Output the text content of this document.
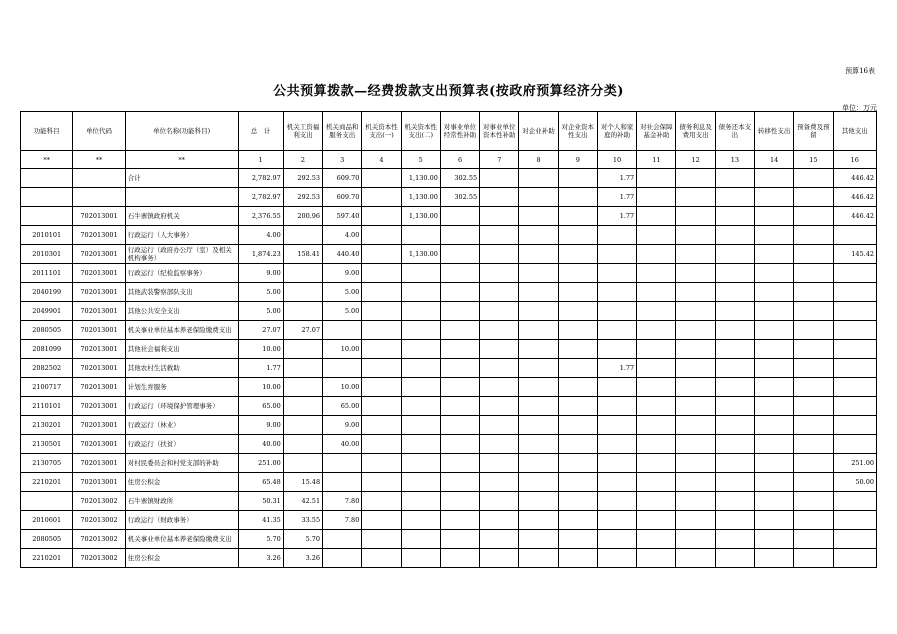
预算16表
公共预算拨款—经费拨款支出预算表(按政府预算经济分类)
单位：万元
功能科目	单位代码	单位名称(功能科目)	总　计	机关工资福利支出	机关商品和服务支出	机关资本性支出(一)	机关资本性支出(二)	对事业单位经常性补助	对事业单位资本性补助	对企业补助	对企业资本性支出	对个人和家庭的补助	对社会保障基金补助	债务利息及费用支出	债务还本支出	转移性支出	预备费及预留	其他支出
**	**	**	1	2	3	4	5	6	7	8	9	10	11	12	13	14	15	16
		合计	2,782.97	292.53	609.70		1,130.00	302.55				1.77						446.42
			2,782.97	292.53	609.70		1,130.00	302.55				1.77						446.42
	702013001	石牛寨镇政府机关	2,376.55	200.96	597.40		1,130.00					1.77						446.42
2010101	702013001	行政运行（人大事务）	4.00		4.00													
2010301	702013001	行政运行（政府办公厅（室）及相关机构事务）	1,874.23	158.41	440.40		1,130.00											145.42
2011101	702013001	行政运行（纪检监察事务）	9.00		9.00													
2040199	702013001	其他武装警察部队支出	5.00		5.00													
2049901	702013001	其他公共安全支出	5.00		5.00													
2080505	702013001	机关事业单位基本养老保险缴费支出	27.07	27.07														
2081099	702013001	其他社会福利支出	10.00		10.00													
2082502	702013001	其他农村生活救助	1.77									1.77						
2100717	702013001	计划生育服务	10.00		10.00													
2110101	702013001	行政运行（环境保护管理事务）	65.00		65.00													
2130201	702013001	行政运行（林业）	9.00		9.00													
2130501	702013001	行政运行（扶贫）	40.00		40.00													
2130705	702013001	对村民委员会和村党支部的补助	251.00															251.00
2210201	702013001	住房公积金	65.48	15.48														50.00
	702013002	石牛寨镇财政所	50.31	42.51	7.80													
2010601	702013002	行政运行（财政事务）	41.35	33.55	7.80													
2080505	702013002	机关事业单位基本养老保险缴费支出	5.70	5.70														
2210201	702013002	住房公积金	3.26	3.26														
